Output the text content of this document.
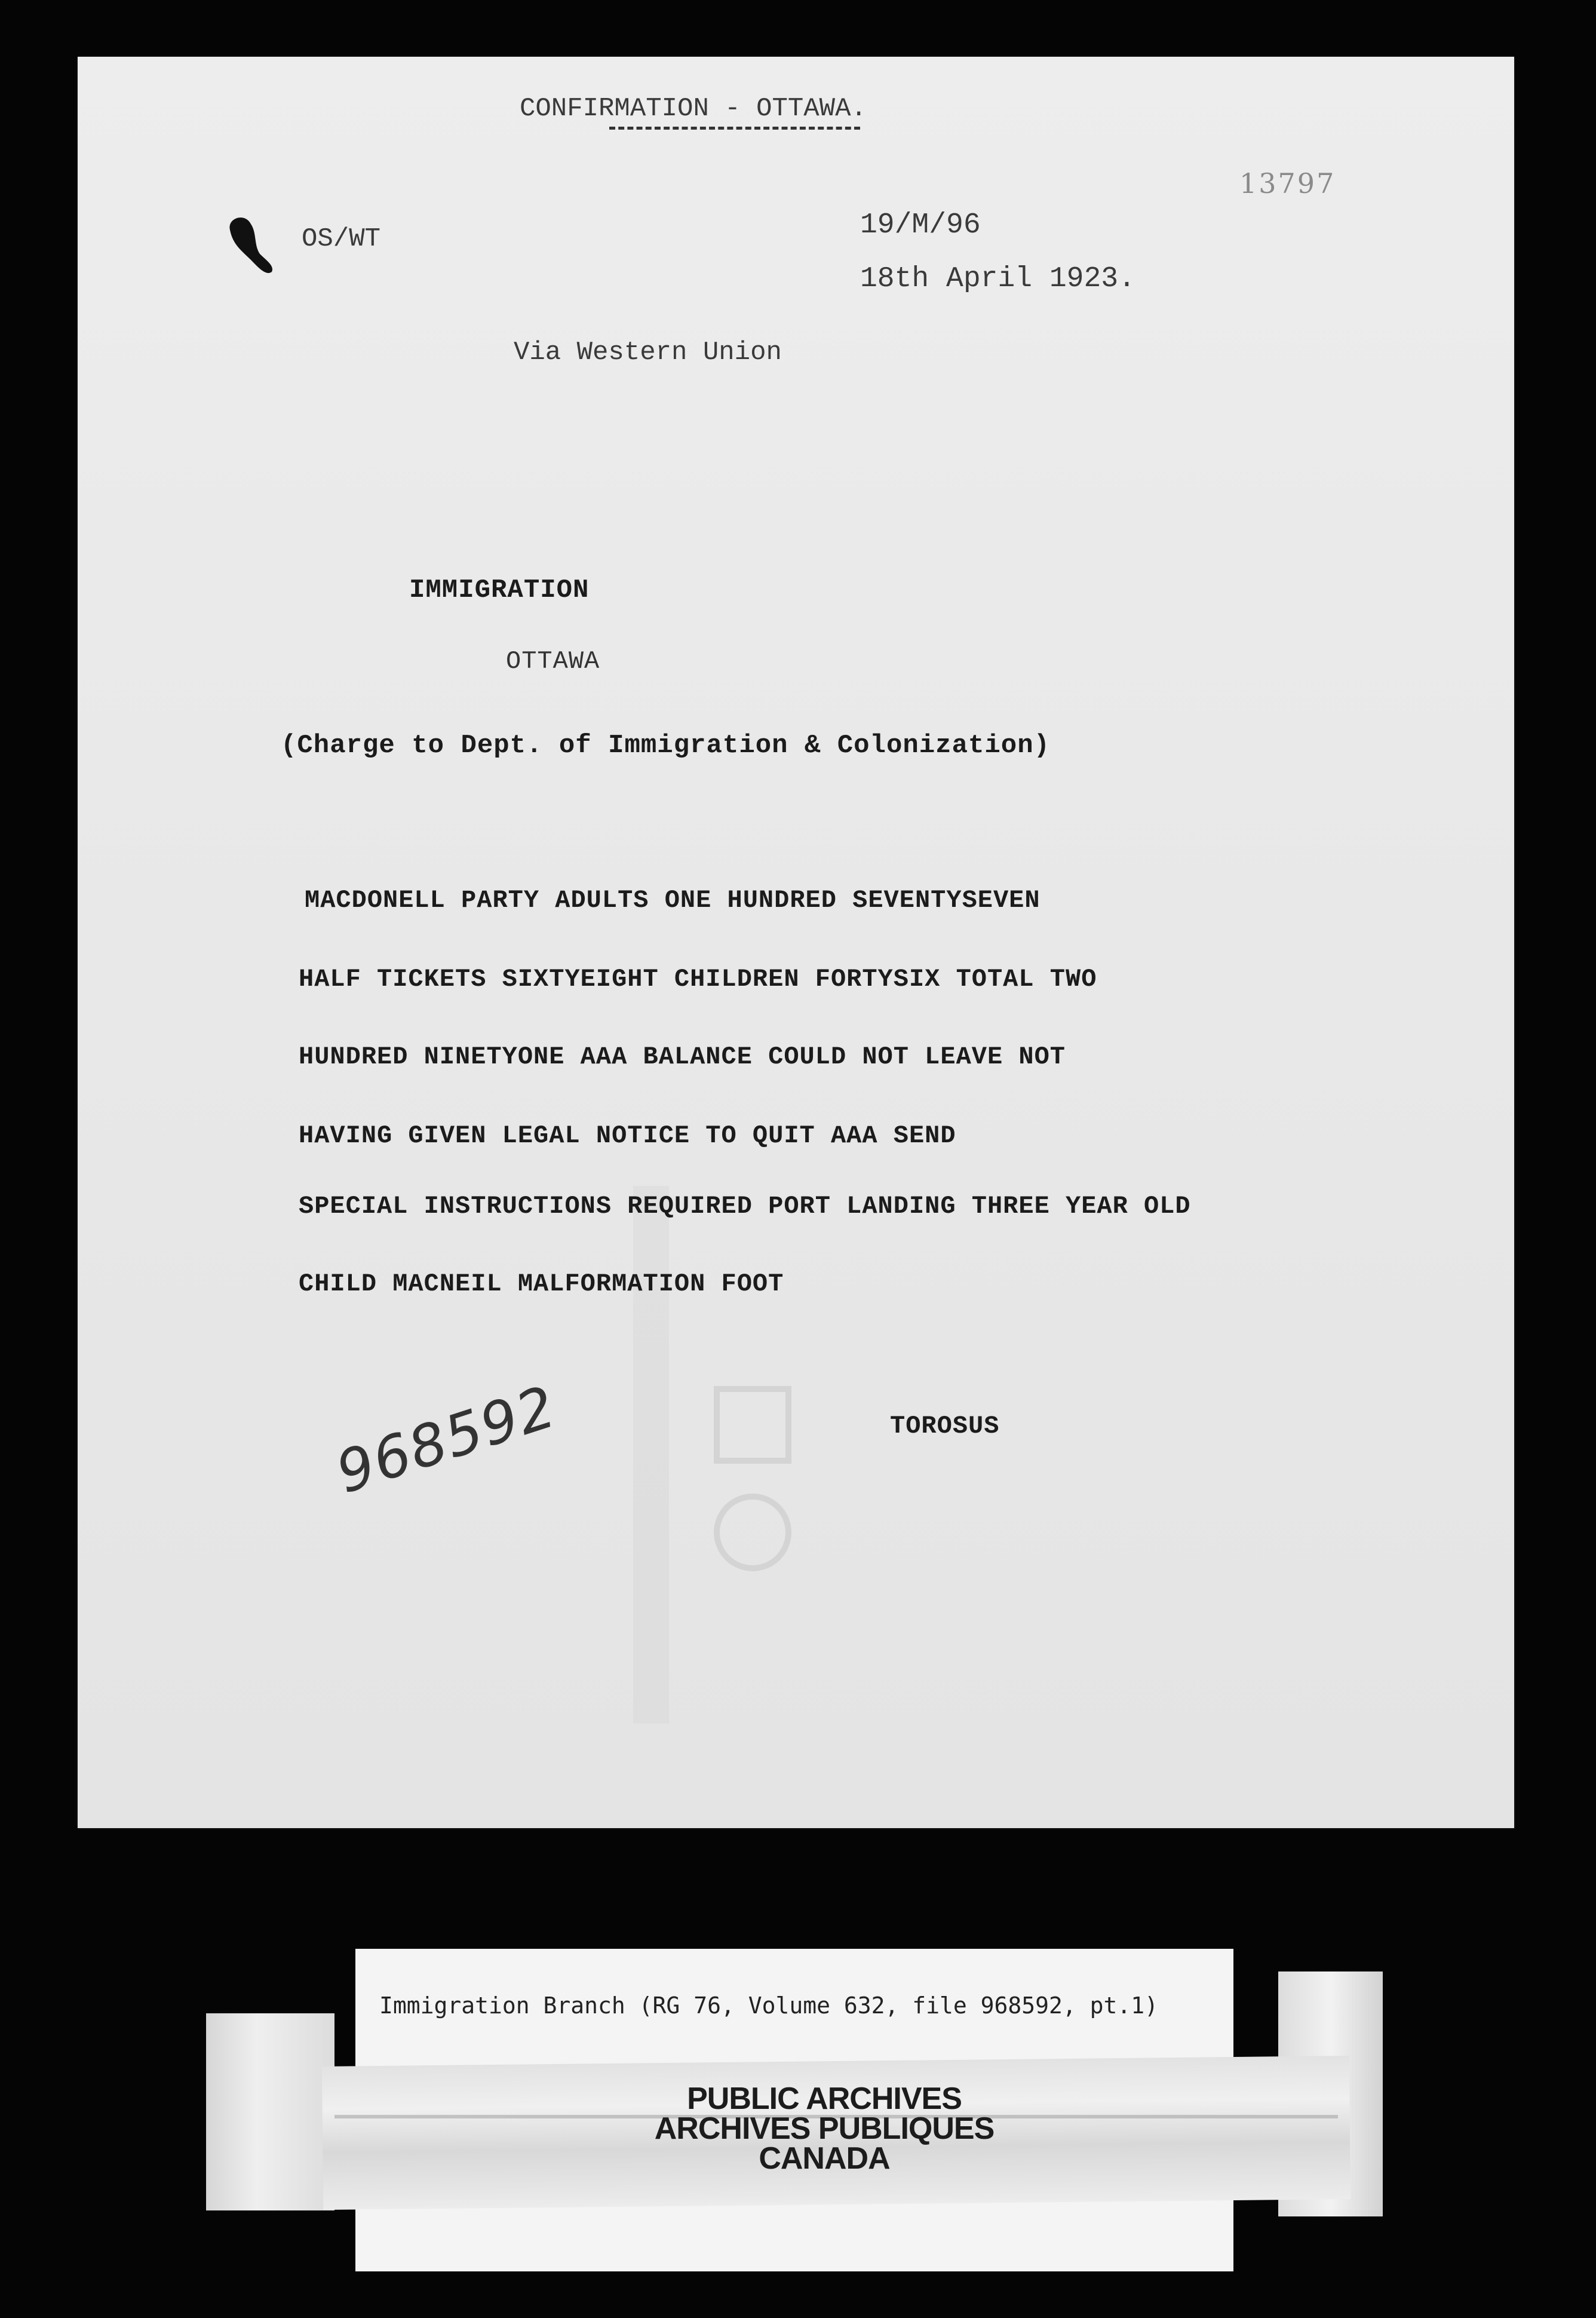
CONFIRMATION - OTTAWA.
OS/WT	19/M/96
18th April 1923.
13797
Via Western Union
IMMIGRATION
OTTAWA
(Charge to Dept. of Immigration & Colonization)
MACDONELL PARTY ADULTS ONE HUNDRED SEVENTYSEVEN
HALF TICKETS SIXTYEIGHT CHILDREN FORTYSIX TOTAL TWO
HUNDRED NINETYONE AAA BALANCE COULD NOT LEAVE NOT
HAVING GIVEN LEGAL NOTICE TO QUIT AAA SEND
SPECIAL INSTRUCTIONS REQUIRED PORT LANDING THREE YEAR OLD
CHILD MACNEIL MALFORMATION FOOT
TOROSUS
968592
Immigration Branch (RG 76, Volume 632, file 968592, pt.1)
PUBLIC ARCHIVES
ARCHIVES PUBLIQUES
CANADA
